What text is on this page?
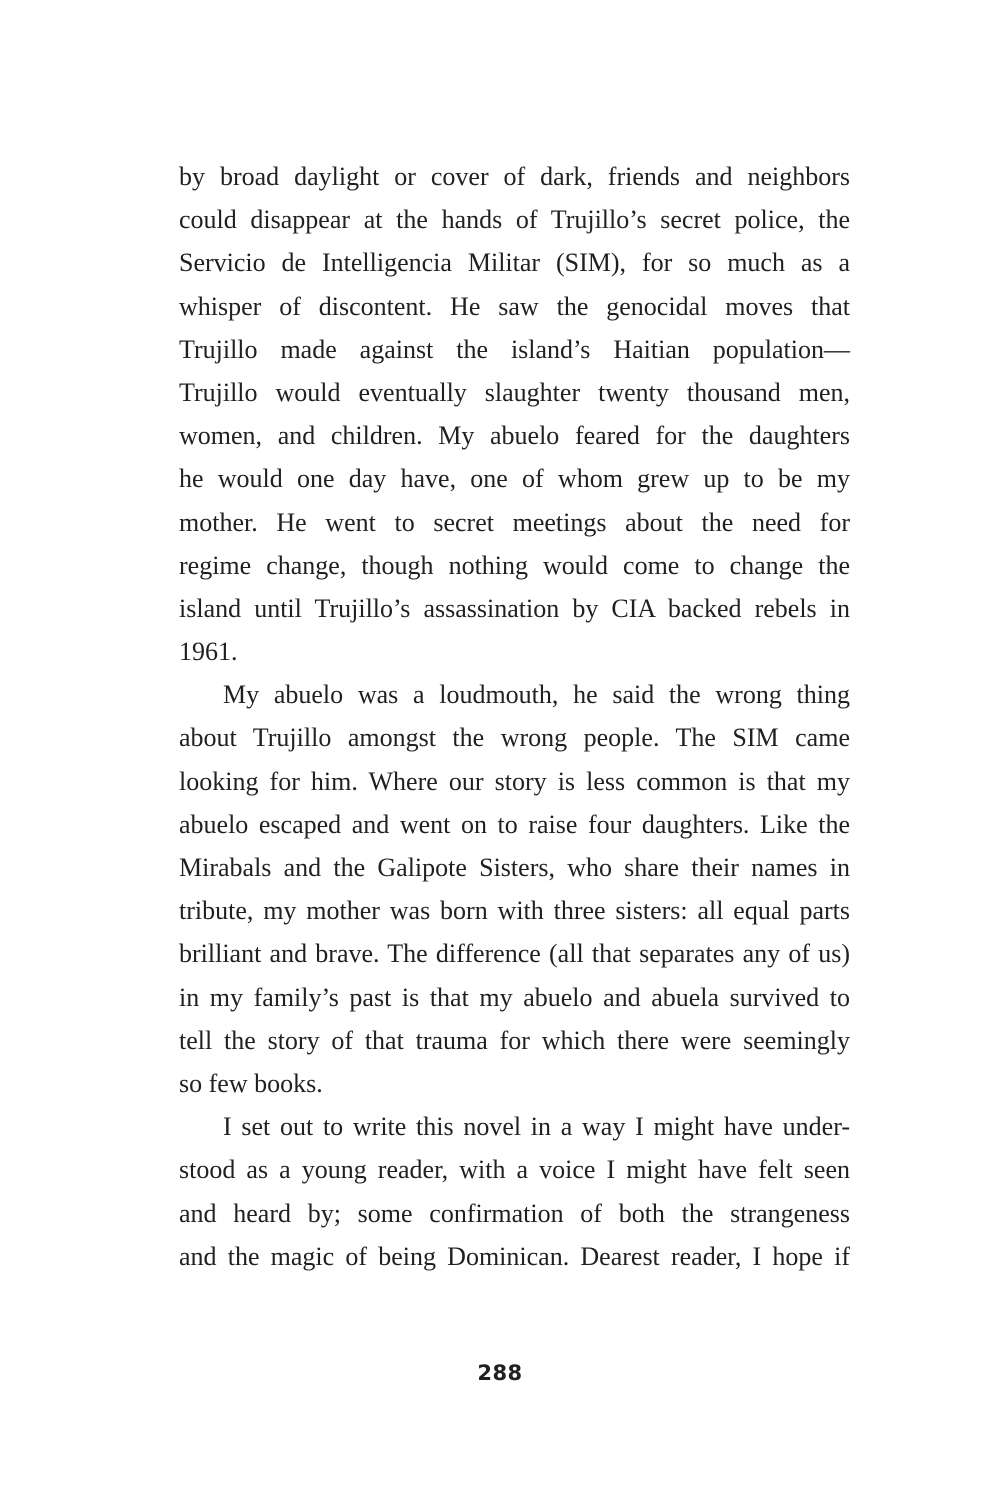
by broad daylight or cover of dark, friends and neighbors
could disappear at the hands of Trujillo’s secret police, the
Servicio de Intelligencia Militar (SIM), for so much as a
whisper of discontent. He saw the genocidal moves that
Trujillo made against the island’s Haitian population—
Trujillo would eventually slaughter twenty thousand men,
women, and children. My abuelo feared for the daughters
he would one day have, one of whom grew up to be my
mother. He went to secret meetings about the need for
regime change, though nothing would come to change the
island until Trujillo’s assassination by CIA backed rebels in
1961.
My abuelo was a loudmouth, he said the wrong thing
about Trujillo amongst the wrong people. The SIM came
looking for him. Where our story is less common is that my
abuelo escaped and went on to raise four daughters. Like the
Mirabals and the Galipote Sisters, who share their names in
tribute, my mother was born with three sisters: all equal parts
brilliant and brave. The difference (all that separates any of us)
in my family’s past is that my abuelo and abuela survived to
tell the story of that trauma for which there were seemingly
so few books.
I set out to write this novel in a way I might have under-
stood as a young reader, with a voice I might have felt seen
and heard by; some confirmation of both the strangeness
and the magic of being Dominican. Dearest reader, I hope if
288
